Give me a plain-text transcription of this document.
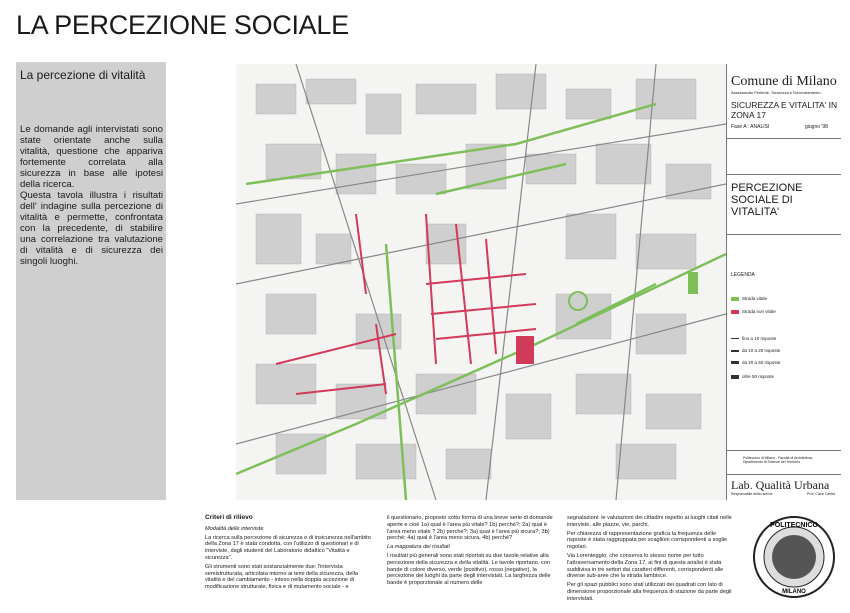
LA PERCEZIONE SOCIALE
La percezione di vitalità

Le domande agli intervistati sono state orientate anche sulla vitalità, questione che appariva fortemente correlata alla sicurezza in base alle ipotesi della ricerca.

Questa tavola illustra i risultati dell' indagine sulla percezione di vitalità e permette, confrontata con la precedente, di stabilire una correlazione tra valutazione di vitalità e di sicurezza dei singoli luoghi.

Comune di Milano
Assessorato Periferie, Sicurezza e Decentramento
SICUREZZA E VITALITA' IN ZONA 17
Fase A : ANALISI	giugno '98
PERCEZIONE SOCIALE DI VITALITA'
LEGENDA
Strada vitale
Strada non vitale
fino a 10 risposte
da 10 a 20 risposte
da 20 a 50 risposte
oltre 50 risposte
Politecnico di Milano - Facoltà di Architettura, Dipartimento di Scienze del Territorio
Lab. Qualità Urbana
Responsabile della ricerca:	Prof. Clara Cardia

Criteri di rilievo

Modalità delle interviste

La ricerca sulla percezione di sicurezza e di insicurezza nell'ambito della Zona 17 è stata condotta, con l'utilizzo di questionari e di interviste, dagli studenti del Laboratorio didattico "Vitalità e sicurezza".

Gli strumenti sono stati sostanzialmente due: l'intervista semistrutturata, articolata intorno ai temi della sicurezza, della vitalità e del cambiamento - inteso nella doppia accezione di modificazione strutturale, fisica e di mutamento sociale - e

il questionario, proposto sotto forma di una breve serie di domande aperte e cioè 1a) qual è l'area più vitale? 1b) perché?; 2a) qual è l'area meno vitale ? 2b) perché?; 3a) qual è l'area più sicura?; 3b) perché; 4a) qual è l'area meno sicura, 4b) perché?

La mappatura dei risultati

I risultati più generali sono stati riportati su due tavole relative alla percezione della sicurezza e della vitalità. Le tavole riportano, con bande di colore diverso, verde (positivo), rosso (negativo), la percezione dei luoghi da parte degli intervistati. La larghezza delle bande è proporzionale al numero delle

segnalazioni: le valutazioni dei cittadini rispetto ai luoghi citati nelle interviste, alle piazze, vie, parchi.

Per chiarezza di rappresentazione grafica la frequenza delle risposte è stata raggruppata per scaglioni corrispondenti a soglie regolari.

Via Lorenteggio, che conserva lo stesso nome per tutto l'attraversamento della Zona 17, ai fini di questa analisi è stata suddivisa in tre settori dai caratteri differenti, corrispondenti alle diverse sub-aree che la strada lambisce.

Per gli spazi pubblici sono stati utilizzati dei quadrati con lato di dimensione proporzionale alla frequenza di stazione da parte degli intervistati.

POLITECNICO
MILANO
